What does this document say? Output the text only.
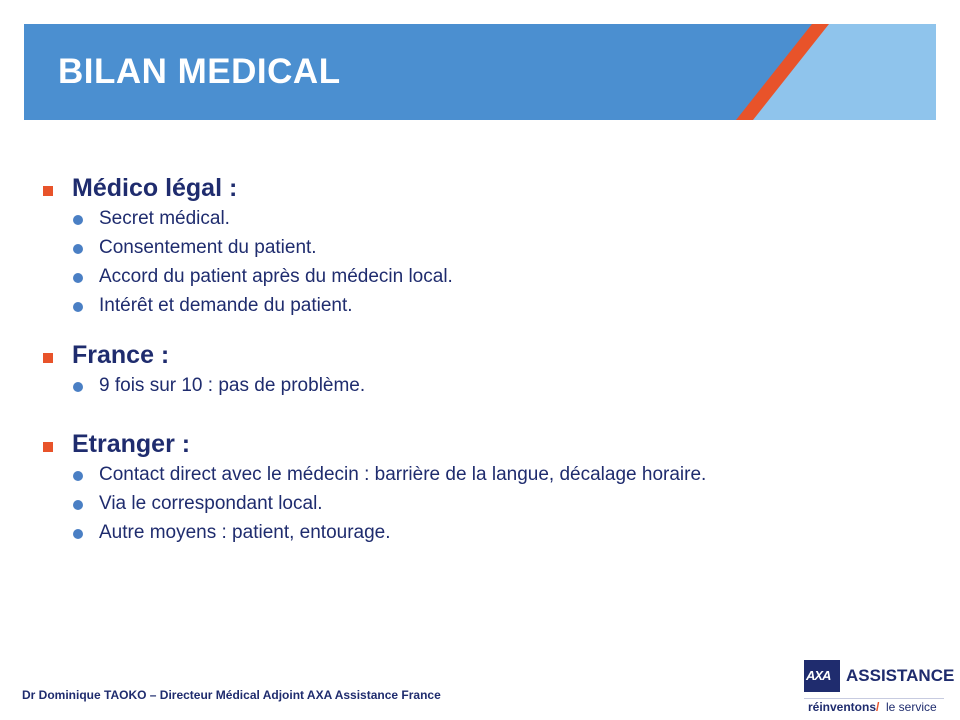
BILAN MEDICAL
Médico légal :
Secret médical.
Consentement du patient.
Accord du patient après du médecin local.
Intérêt et demande du patient.
France :
9 fois sur 10 : pas de problème.
Etranger :
Contact direct avec le médecin : barrière de la langue, décalage horaire.
Via le correspondant local.
Autre moyens : patient, entourage.
Dr Dominique TAOKO – Directeur Médical Adjoint AXA Assistance France
AXA ASSISTANCE
réinventons / le service
